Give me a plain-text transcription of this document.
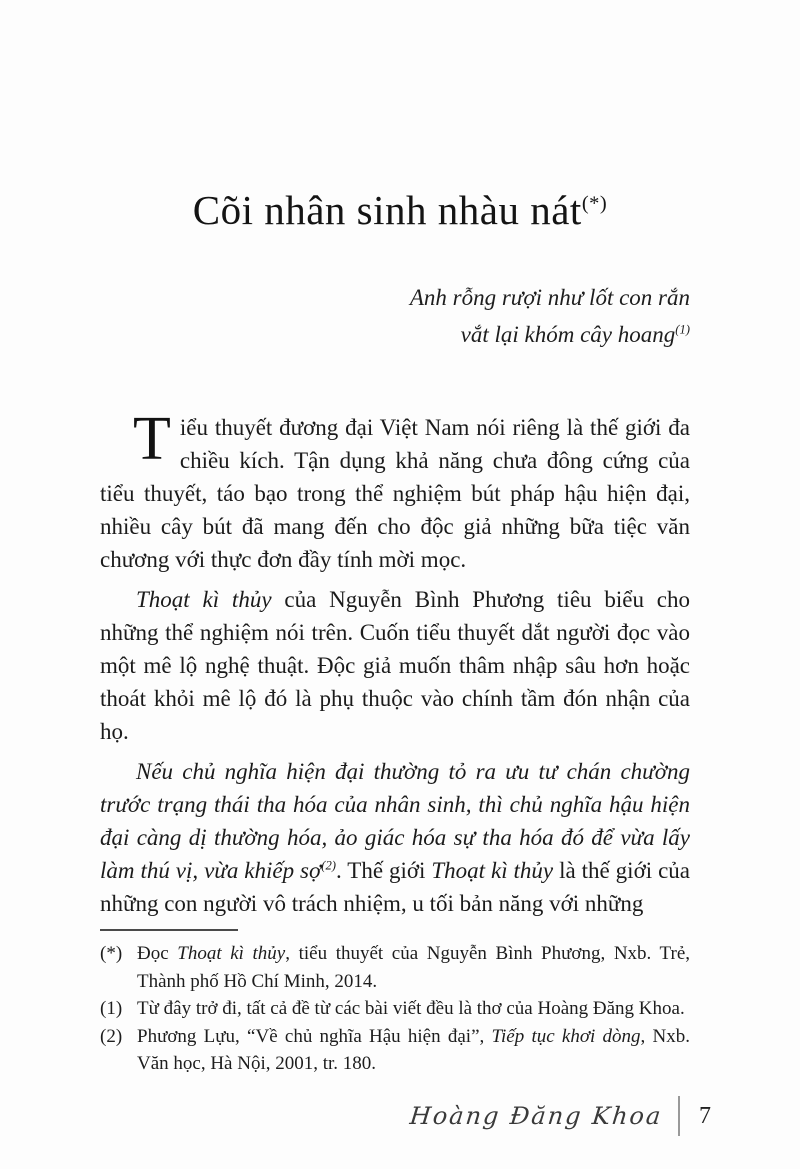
Cõi nhân sinh nhàu nát(*)
Anh rỗng rượi như lốt con rắn
vắt lại khóm cây hoang$^{(1)}$

Tiểu thuyết đương đại Việt Nam nói riêng là thế giới đa chiều kích. Tận dụng khả năng chưa đông cứng của tiểu thuyết, táo bạo trong thể nghiệm bút pháp hậu hiện đại, nhiều cây bút đã mang đến cho độc giả những bữa tiệc văn chương với thực đơn đầy tính mời mọc.

Thoạt kì thủy của Nguyễn Bình Phương tiêu biểu cho những thể nghiệm nói trên. Cuốn tiểu thuyết dắt người đọc vào một mê lộ nghệ thuật. Độc giả muốn thâm nhập sâu hơn hoặc thoát khỏi mê lộ đó là phụ thuộc vào chính tầm đón nhận của họ.

Nếu chủ nghĩa hiện đại thường tỏ ra ưu tư chán chường trước trạng thái tha hóa của nhân sinh, thì chủ nghĩa hậu hiện đại càng dị thường hóa, ảo giác hóa sự tha hóa đó để vừa lấy làm thú vị, vừa khiếp sợ$^{(2)}$. Thế giới Thoạt kì thủy là thế giới của những con người vô trách nhiệm, u tối bản năng với những

(*) Đọc Thoạt kì thủy, tiểu thuyết của Nguyễn Bình Phương, Nxb. Trẻ, Thành phố Hồ Chí Minh, 2014.
(1) Từ đây trở đi, tất cả đề từ các bài viết đều là thơ của Hoàng Đăng Khoa.
(2) Phương Lựu, “Về chủ nghĩa Hậu hiện đại”, Tiếp tục khơi dòng, Nxb. Văn học, Hà Nội, 2001, tr. 180.
Hoàng Đăng Khoa 7
